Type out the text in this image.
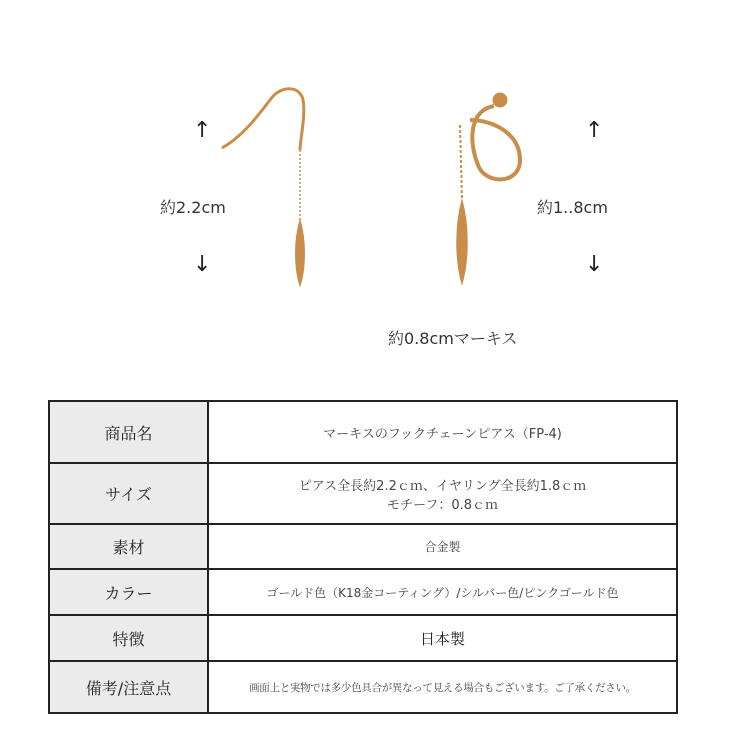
↑
↓
↑
↓
約2.2cm	約1..8cm
約0.8cmマーキス
商品名	マーキスのフックチェーンピアス（FP-4)
サイズ	ピアス全長約2.2ｃｍ、イヤリング全長約1.8ｃｍ
モチーフ：0.8ｃｍ

素材	合金製
カラー	ゴールド色（K18金コーティング）/シルバー色/ピンクゴールド色
特徴	日本製
備考/注意点	画面上と実物では多少色具合が異なって見える場合もございます。ご了承ください。
